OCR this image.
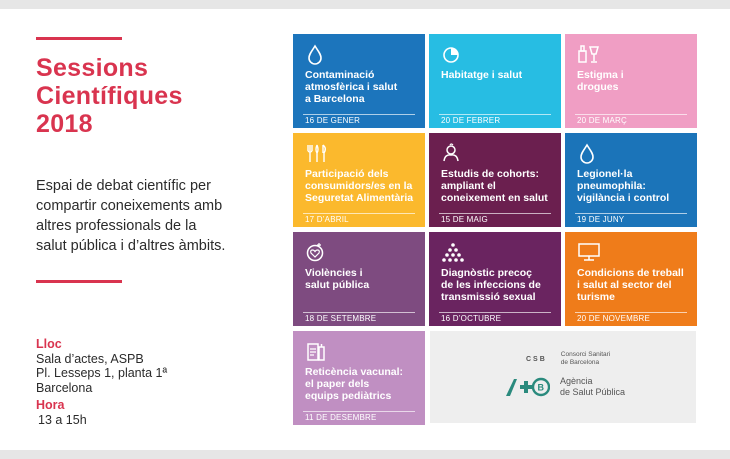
Sessions
Científiques
2018
Espai de debat científic per
compartir coneixements amb
altres professionals de la
salut pública i d’altres àmbits.
Lloc
Sala d’actes, ASPB
Pl. Lesseps 1, planta 1ª
Barcelona
Hora
13 a 15h
Contaminació
atmosfèrica i salut
a Barcelona
16 DE GENER
Habitatge i salut
20 DE FEBRER
Estigma i
drogues
20 DE MARÇ
Participació dels
consumidors/es en la
Seguretat Alimentària
17 D’ABRIL
Estudis de cohorts:
ampliant el
coneixement en salut
15 DE MAIG
Legionel·la
pneumophila:
vigilància i control
19 DE JUNY
Violències i
salut pública
18 DE SETEMBRE
Diagnòstic precoç
de les infeccions de
transmissió sexual
16 D’OCTUBRE
Condicions de treball
i salut al sector del
turisme
20 DE NOVEMBRE
Reticència vacunal:
el paper dels
equips pediàtrics
11 DE DESEMBRE
CSB
Consorci Sanitari
de Barcelona
B
Agència
de Salut Pública
